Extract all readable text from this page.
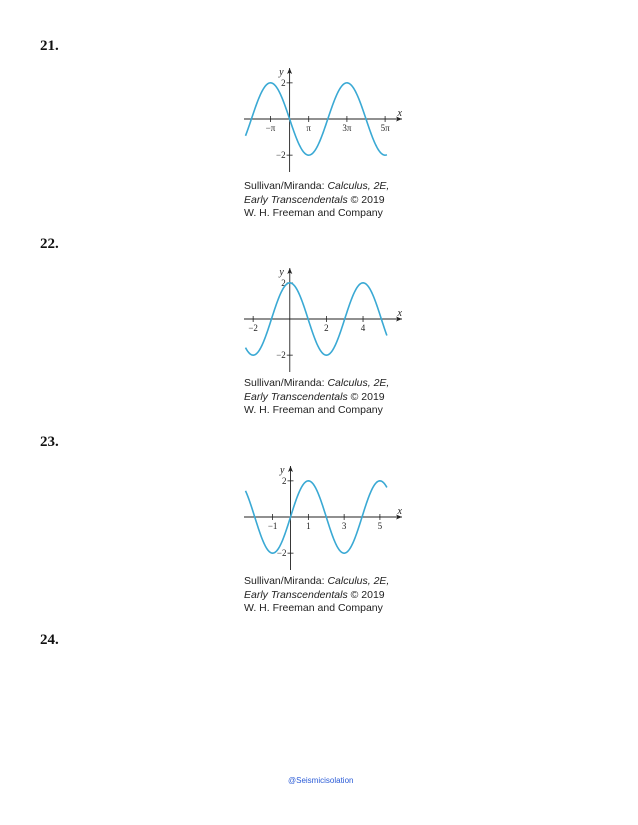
21.
x
y
−π	π	3π	5π
2
−2
Sullivan/Miranda: Calculus, 2E,
Early Transcendentals © 2019
W. H. Freeman and Company
22.
x
y
−2	2	4
2
−2
Sullivan/Miranda: Calculus, 2E,
Early Transcendentals © 2019
W. H. Freeman and Company
23.
x
y
−1	1	3	5
2
−2
Sullivan/Miranda: Calculus, 2E,
Early Transcendentals © 2019
W. H. Freeman and Company
24.
@Seismicisolation
